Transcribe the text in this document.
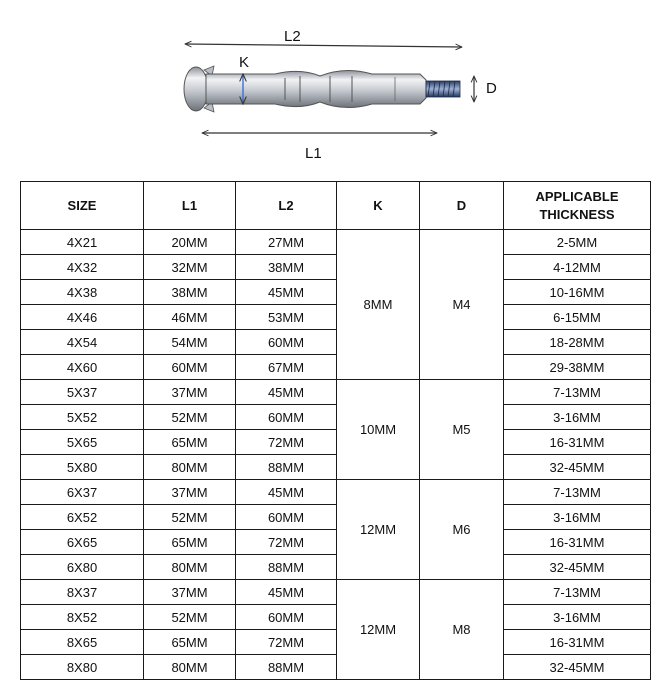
L2
L1
K
D
SIZE	L1	L2	K	D	APPLICABLE
THICKNESS
4X21	20MM	27MM	8MM	M4	2-5MM
4X32	32MM	38MM			4-12MM
4X38	38MM	45MM			10-16MM
4X46	46MM	53MM			6-15MM
4X54	54MM	60MM			18-28MM
4X60	60MM	67MM			29-38MM
5X37	37MM	45MM	10MM	M5	7-13MM
5X52	52MM	60MM			3-16MM
5X65	65MM	72MM			16-31MM
5X80	80MM	88MM			32-45MM
6X37	37MM	45MM	12MM	M6	7-13MM
6X52	52MM	60MM			3-16MM
6X65	65MM	72MM			16-31MM
6X80	80MM	88MM			32-45MM
8X37	37MM	45MM	12MM	M8	7-13MM
8X52	52MM	60MM			3-16MM
8X65	65MM	72MM			16-31MM
8X80	80MM	88MM			32-45MM
